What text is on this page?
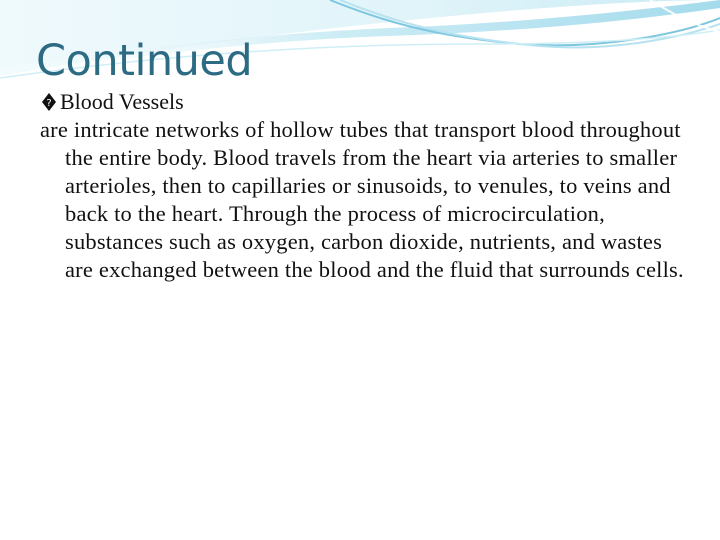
Continued
? Blood Vessels

are intricate networks of hollow tubes that transport blood throughout the entire body. Blood travels from the heart via arteries to smaller arterioles, then to capillaries or sinusoids, to venules, to veins and back to the heart. Through the process of microcirculation, substances such as oxygen, carbon dioxide, nutrients, and wastes are exchanged between the blood and the fluid that surrounds cells.
